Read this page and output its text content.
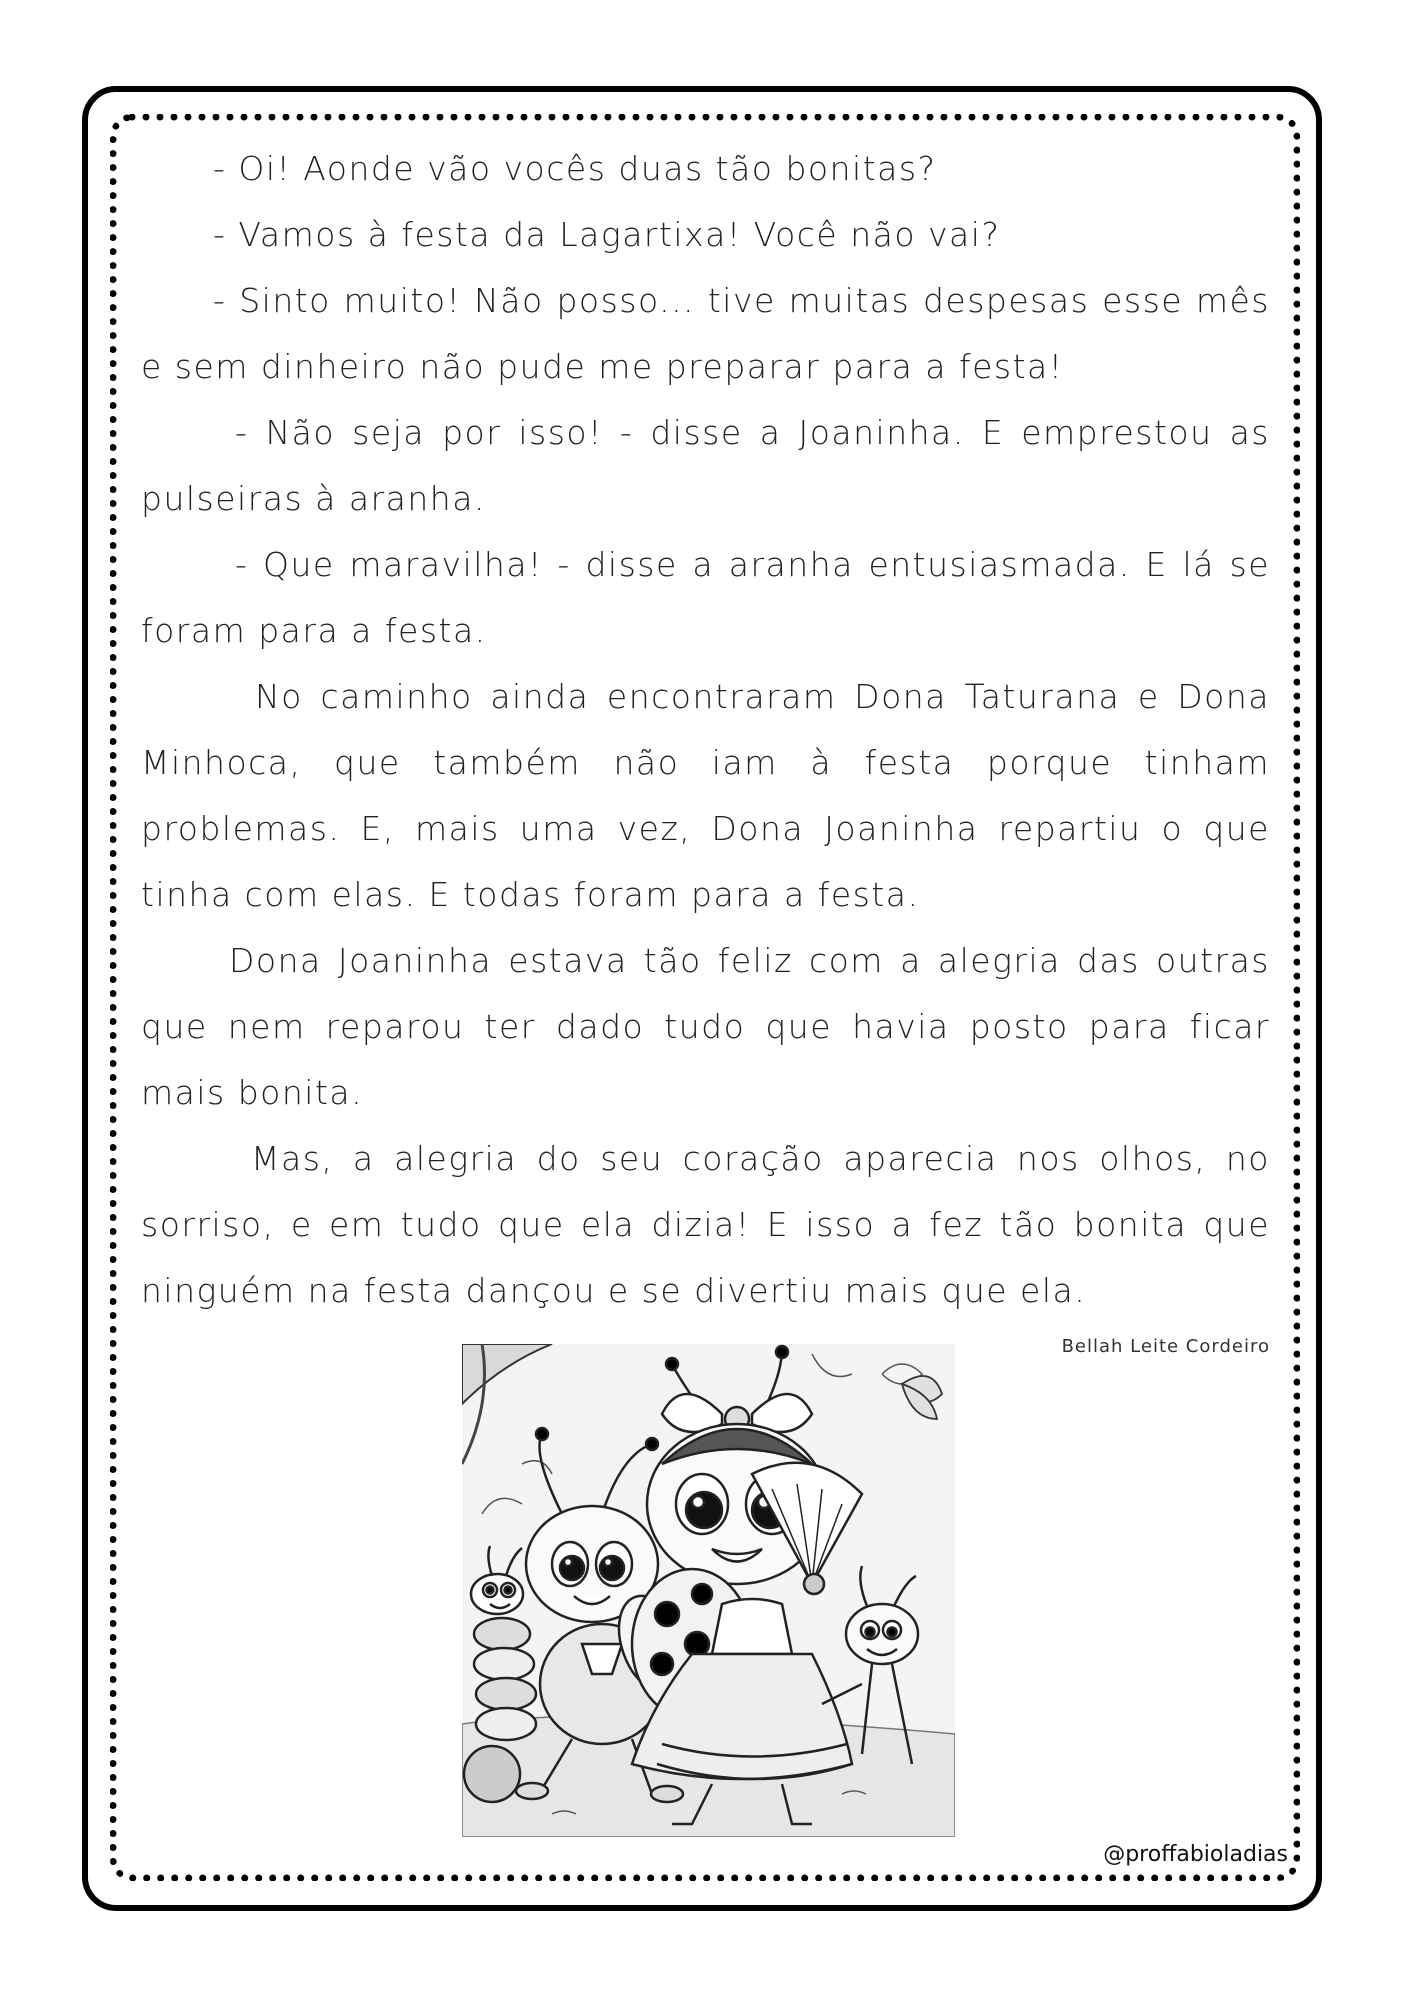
- Oi! Aonde vão vocês duas tão bonitas?

- Vamos à festa da Lagartixa! Você não vai?

- Sinto muito! Não posso... tive muitas despesas esse mês e sem dinheiro não pude me preparar para a festa!

- Não seja por isso! - disse a Joaninha. E emprestou as pulseiras à aranha.

- Que maravilha! - disse a aranha entusiasmada. E lá se foram para a festa.

No caminho ainda encontraram Dona Taturana e Dona Minhoca, que também não iam à festa porque tinham problemas. E, mais uma vez, Dona Joaninha repartiu o que tinha com elas. E todas foram para a festa.

Dona Joaninha estava tão feliz com a alegria das outras que nem reparou ter dado tudo que havia posto para ficar mais bonita.

Mas, a alegria do seu coração aparecia nos olhos, no sorriso, e em tudo que ela dizia! E isso a fez tão bonita que ninguém na festa dançou e se divertiu mais que ela.

Bellah Leite Cordeiro
@proffabioladias
